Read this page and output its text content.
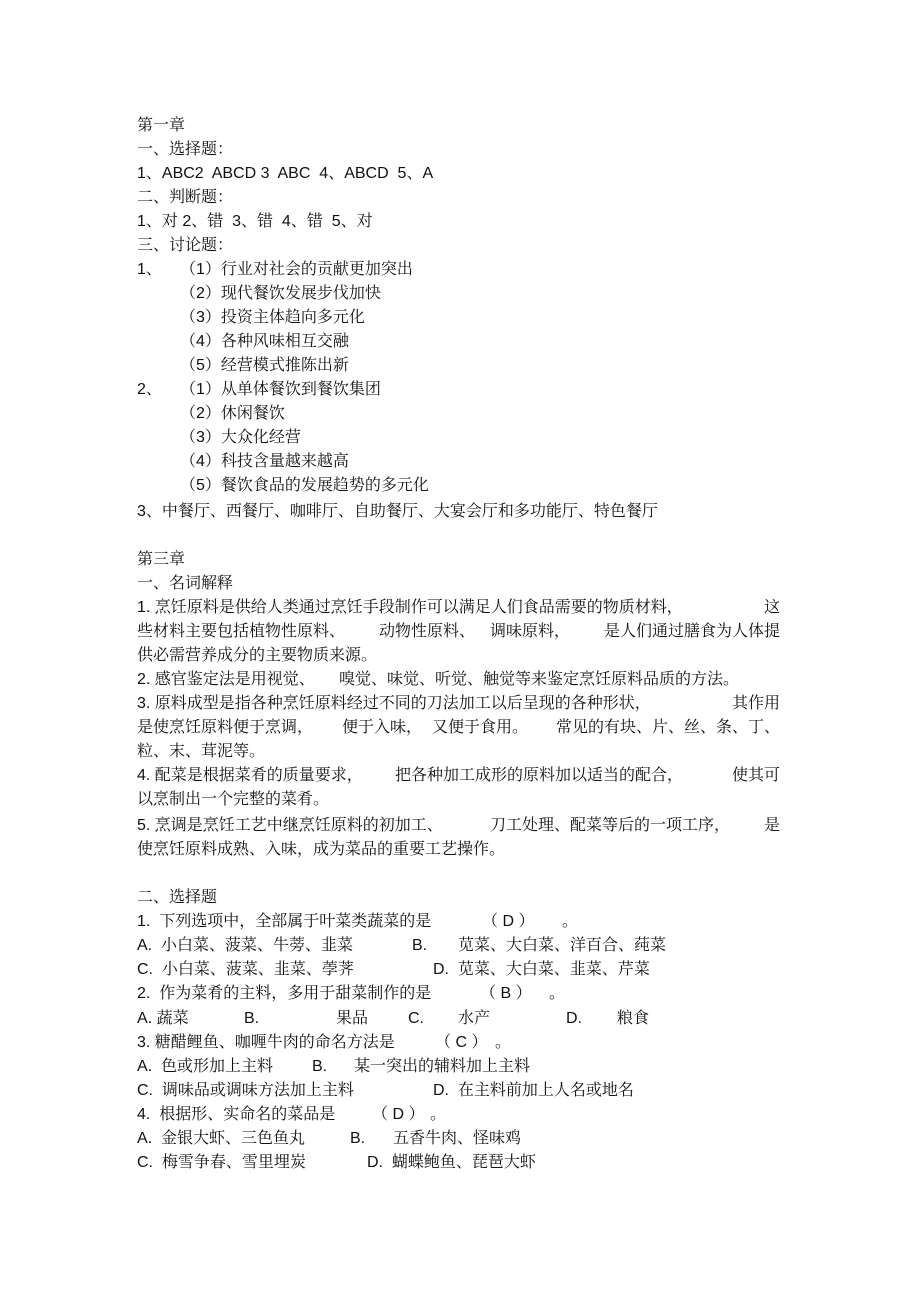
第一章
一、选择题：
1、ABC2  ABCD 3  ABC  4、ABCD  5、A
二、判断题：
1、对 2、错  3、错  4、错  5、对
三、讨论题：
1、 （1）行业对社会的贡献更加突出
（2）现代餐饮发展步伐加快
（3）投资主体趋向多元化
（4）各种风味相互交融
（5）经营模式推陈出新
2、 （1）从单体餐饮到餐饮集团
（2）休闲餐饮
（3）大众化经营
（4）科技含量越来越高
（5）餐饮食品的发展趋势的多元化
3、中餐厅、西餐厅、咖啡厅、自助餐厅、大宴会厅和多功能厅、特色餐厅
第三章
一、名词解释

1. 烹饪原料是供给人类通过烹饪手段制作可以满足人们食品需要的物质材料，

	这

些材料主要包括植物性原料、

动物性原料、

调味原料，

是人们通过膳食为人体提

供必需营养成分的主要物质来源。

2. 感官鉴定法是用视觉、

嗅觉、味觉、听觉、触觉等来鉴定烹饪原料品质的方法。

3. 原料成型是指各种烹饪原料经过不同的刀法加工以后呈现的各种形状，

	其作用

是使烹饪原料便于烹调，

便于入味，

又便于食用。

常见的有块、片、丝、条、丁、

粒、末、茸泥等。

4. 配菜是根据菜肴的质量要求，

把各种加工成形的原料加以适当的配合，

	使其可

以烹制出一个完整的菜肴。

5. 烹调是烹饪工艺中继烹饪原料的初加工、

	刀工处理、配菜等后的一项工序，

是

使烹饪原料成熟、入味，成为菜品的重要工艺操作。
二、选择题

1.  下列选项中，全部属于叶菜类蔬菜的是

	（ D ）

。

A.  小白菜、菠菜、牛蒡、韭菜

	B.

苋菜、大白菜、洋百合、莼菜

C.  小白菜、菠菜、韭菜、荸荠

	D.  苋菜、大白菜、韭菜、芹菜

2.  作为菜肴的主料，多用于甜菜制作的是

	（ B ）

。

A. 蔬菜

	B.

	果品

C.

水产

	D.

粮食

3. 糖醋鲤鱼、咖喱牛肉的命名方法是

	（ C ）

。

A.  色或形加上主料

B.

某一突出的辅料加上主料

C.  调味品或调味方法加上主料

	D.  在主料前加上人名或地名

4.  根据形、实命名的菜品是

（ D ）

。

A.  金银大虾、三色鱼丸

	B.

五香牛肉、怪味鸡

C.  梅雪争春、雪里埋炭

	D.  蝴蝶鲍鱼、琵琶大虾
